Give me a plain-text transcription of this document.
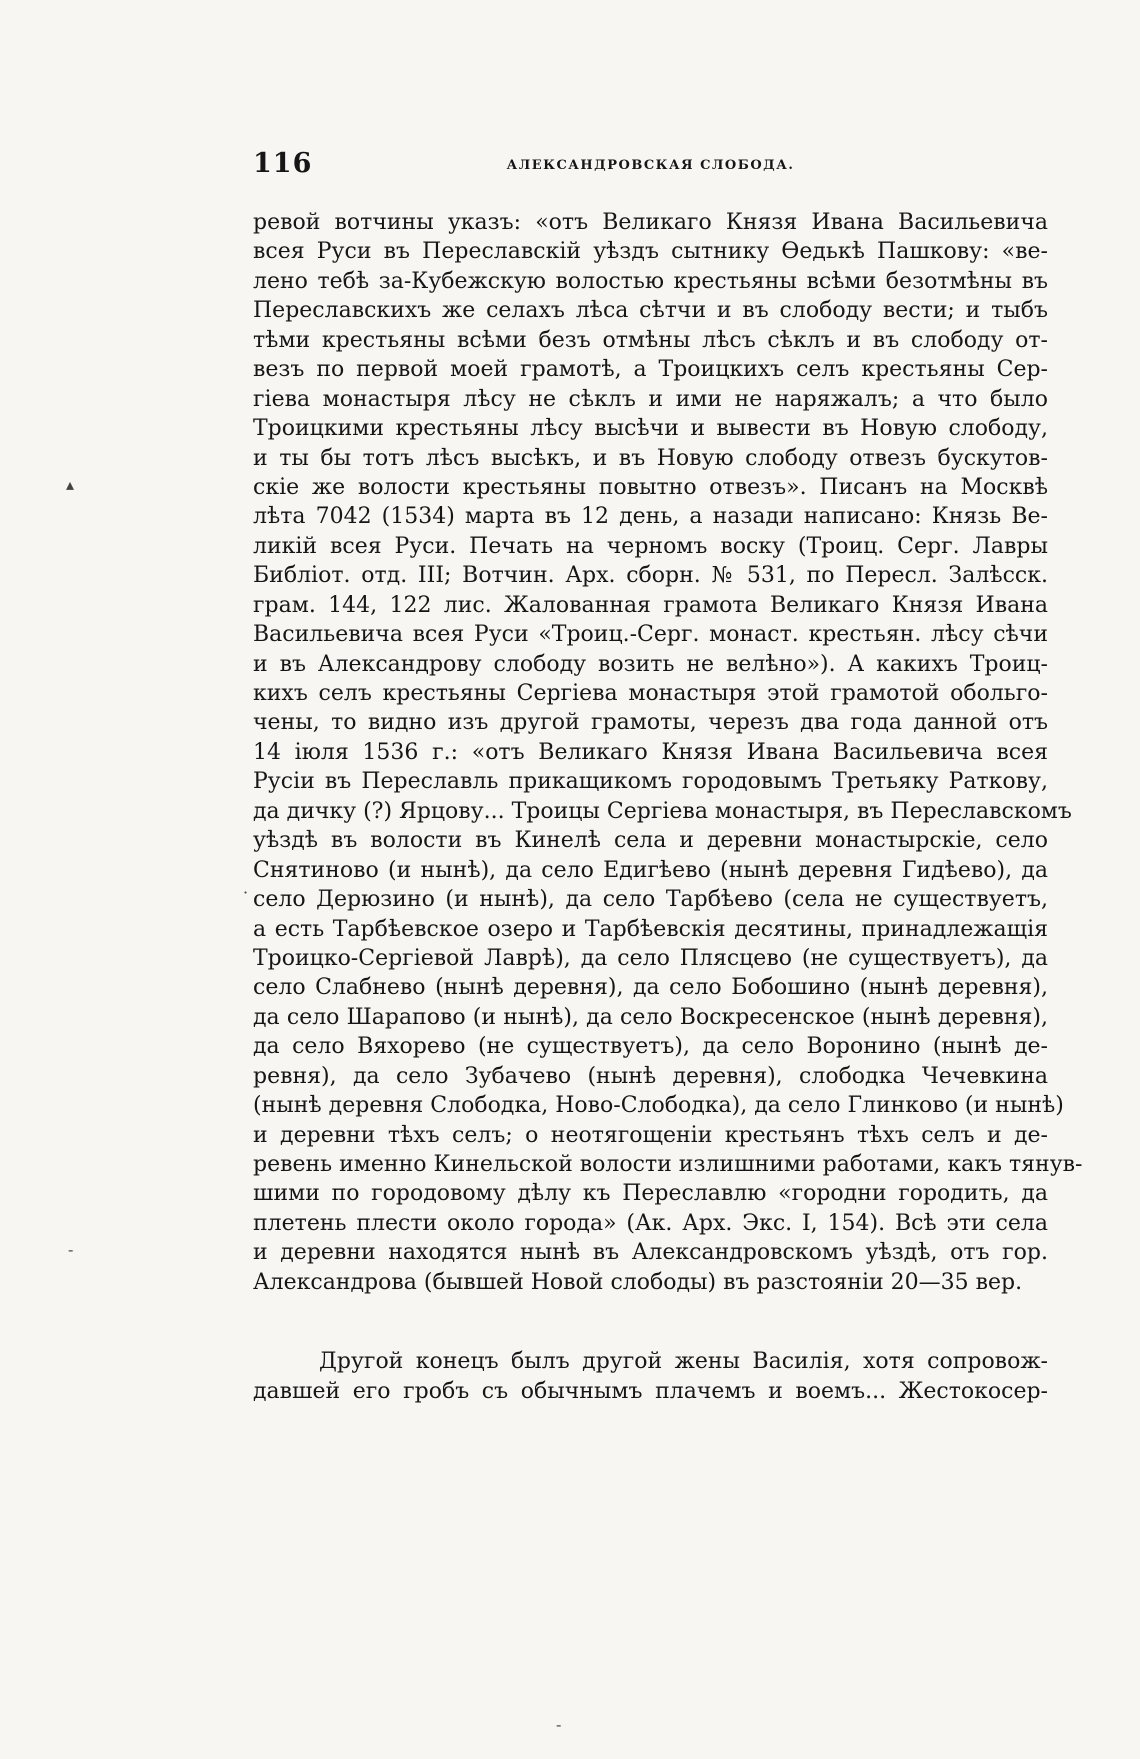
116	АЛЕКСАНДРОВСКАЯ СЛОБОДА.
ревой вотчины указъ: «отъ Великаго Князя Ивана Васильевича
всея Руси въ Переславскій уѣздъ сытнику Ѳедькѣ Пашкову: «ве-
лено тебѣ за-Кубежскую волостью крестьяны всѣми безотмѣны въ
Переславскихъ же селахъ лѣса сѣтчи и въ слободу вести; и тыбъ
тѣми крестьяны всѣми безъ отмѣны лѣсъ сѣклъ и въ слободу от-
везъ по первой моей грамотѣ, а Троицкихъ селъ крестьяны Сер-
гіева монастыря лѣсу не сѣклъ и ими не наряжалъ; а что было
Троицкими крестьяны лѣсу высѣчи и вывести въ Новую слободу,
и ты бы тотъ лѣсъ высѣкъ, и въ Новую слободу отвезъ бускутов-
скіе же волости крестьяны повытно отвезъ». Писанъ на Москвѣ
лѣта 7042 (1534) марта въ 12 день, а назади написано: Князь Ве-
ликій всея Руси. Печать на черномъ воску (Троиц. Серг. Лавры
Библіот. отд. III; Вотчин. Арх. сборн. № 531, по Пересл. Залѣсск.
грам. 144, 122 лис. Жалованная грамота Великаго Князя Ивана
Васильевича всея Руси «Троиц.-Серг. монаст. крестьян. лѣсу сѣчи
и въ Александрову слободу возить не велѣно»). А какихъ Троиц-
кихъ селъ крестьяны Сергіева монастыря этой грамотой обольго-
чены, то видно изъ другой грамоты, черезъ два года данной отъ
14 іюля 1536 г.: «отъ Великаго Князя Ивана Васильевича всея
Русіи въ Переславль прикащикомъ городовымъ Третьяку Раткову,
да дичку (?) Ярцову... Троицы Сергіева монастыря, въ Переславскомъ
уѣздѣ въ волости въ Кинелѣ села и деревни монастырскіе, село
Снятиново (и нынѣ), да село Едигѣево (нынѣ деревня Гидѣево), да
село Дерюзино (и нынѣ), да село Тарбѣево (села не существуетъ,
а есть Тарбѣевское озеро и Тарбѣевскія десятины, принадлежащія
Троицко-Сергіевой Лаврѣ), да село Плясцево (не существуетъ), да
село Слабнево (нынѣ деревня), да село Бобошино (нынѣ деревня),
да село Шарапово (и нынѣ), да село Воскресенское (нынѣ деревня),
да село Вяхорево (не существуетъ), да село Воронино (нынѣ де-
ревня), да село Зубачево (нынѣ деревня), слободка Чечевкина
(нынѣ деревня Слободка, Ново-Слободка), да село Глинково (и нынѣ)
и деревни тѣхъ селъ; о неотягощеніи крестьянъ тѣхъ селъ и де-
ревень именно Кинельской волости излишними работами, какъ тянув-
шими по городовому дѣлу къ Переславлю «городни городить, да
плетень плести около города» (Ак. Арх. Экс. I, 154). Всѣ эти села
и деревни находятся нынѣ въ Александровскомъ уѣздѣ, отъ гор.
Александрова (бывшей Новой слободы) въ разстояніи 20—35 вер.
Другой конецъ былъ другой жены Василія, хотя сопровож-
давшей его гробъ съ обычнымъ плачемъ и воемъ... Жестокосер-
▴
·
-
-
